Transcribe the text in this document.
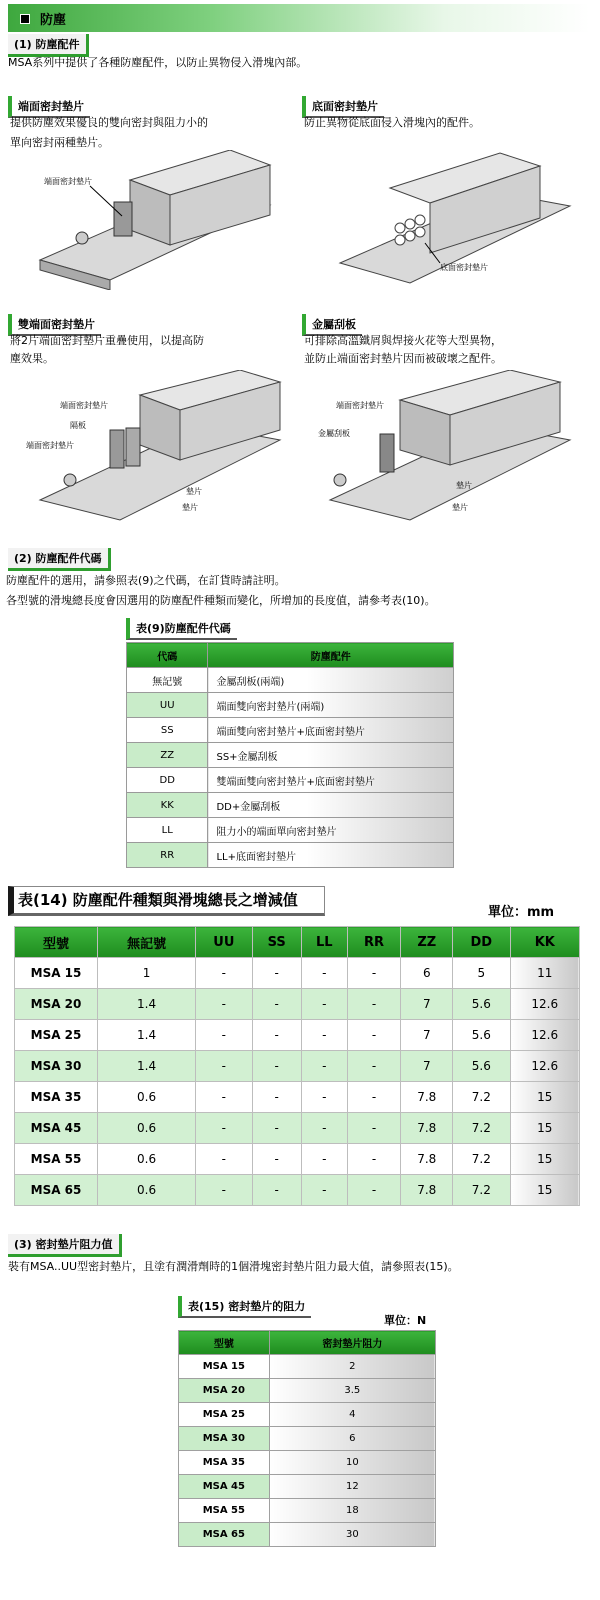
防塵
(1) 防塵配件
MSA系列中提供了各種防塵配件，以防止異物侵入滑塊內部。
端面密封墊片
提供防塵效果優良的雙向密封與阻力小的
單向密封兩種墊片。
端面密封墊片
底面密封墊片
防止異物從底面侵入滑塊內的配件。
底面密封墊片
雙端面密封墊片
將2片端面密封墊片重疊使用，以提高防
塵效果。
端面密封墊片
隔板
端面密封墊片
墊片
墊片
金屬刮板
可排除高溫鐵屑與焊接火花等大型異物，
並防止端面密封墊片因而被破壞之配件。
端面密封墊片
金屬刮板
墊片
墊片
(2) 防塵配件代碼
防塵配件的選用，請參照表(9)之代碼，在訂貨時請註明。
各型號的滑塊總長度會因選用的防塵配件種類而變化，所增加的長度值，請參考表(10)。
表(9)防塵配件代碼
代碼	防塵配件
無記號	金屬刮板(兩端)
UU	端面雙向密封墊片(兩端)
SS	端面雙向密封墊片+底面密封墊片
ZZ	SS+金屬刮板
DD	雙端面雙向密封墊片+底面密封墊片
KK	DD+金屬刮板
LL	阻力小的端面單向密封墊片
RR	LL+底面密封墊片
表(14) 防塵配件種類與滑塊總長之增減值
單位：mm
型號	無記號	UU	SS	LL	RR	ZZ	DD	KK
MSA 15	1	-	-	-	-	6	5	11
MSA 20	1.4	-	-	-	-	7	5.6	12.6
MSA 25	1.4	-	-	-	-	7	5.6	12.6
MSA 30	1.4	-	-	-	-	7	5.6	12.6
MSA 35	0.6	-	-	-	-	7.8	7.2	15
MSA 45	0.6	-	-	-	-	7.8	7.2	15
MSA 55	0.6	-	-	-	-	7.8	7.2	15
MSA 65	0.6	-	-	-	-	7.8	7.2	15
(3) 密封墊片阻力值
裝有MSA..UU型密封墊片，且塗有潤滑劑時的1個滑塊密封墊片阻力最大值，請參照表(15)。
表(15) 密封墊片的阻力
單位：N
型號	密封墊片阻力
MSA 15	2
MSA 20	3.5
MSA 25	4
MSA 30	6
MSA 35	10
MSA 45	12
MSA 55	18
MSA 65	30
